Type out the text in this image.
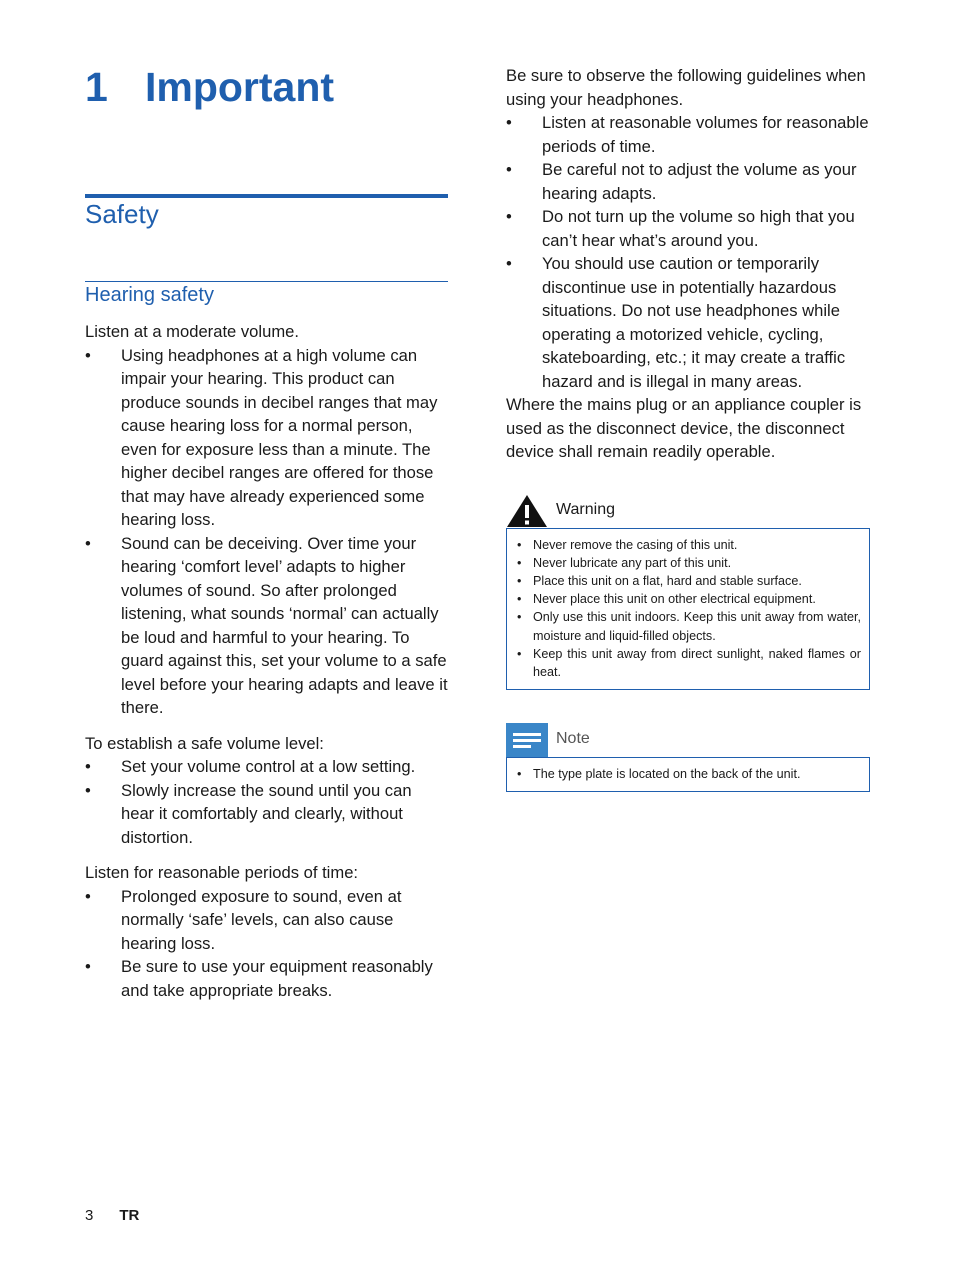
1 Important
Safety
Hearing safety

Listen at a moderate volume.

• Using headphones at a high volume can impair your hearing. This product can produce sounds in decibel ranges that may cause hearing loss for a normal person, even for exposure less than a minute. The higher decibel ranges are offered for those that may have already experienced some hearing loss.
• Sound can be deceiving. Over time your hearing ‘comfort level’ adapts to higher volumes of sound. So after prolonged listening, what sounds ‘normal’ can actually be loud and harmful to your hearing. To guard against this, set your volume to a safe level before your hearing adapts and leave it there.

To establish a safe volume level:

• Set your volume control at a low setting.
• Slowly increase the sound until you can hear it comfortably and clearly, without distortion.

Listen for reasonable periods of time:

• Prolonged exposure to sound, even at normally ‘safe’ levels, can also cause hearing loss.
• Be sure to use your equipment reasonably and take appropriate breaks.

Be sure to observe the following guidelines when using your headphones.

• Listen at reasonable volumes for reasonable periods of time.
• Be careful not to adjust the volume as your hearing adapts.
• Do not turn up the volume so high that you can’t hear what’s around you.
• You should use caution or temporarily discontinue use in potentially hazardous situations. Do not use headphones while operating a motorized vehicle, cycling, skateboarding, etc.; it may create a traffic hazard and is illegal in many areas.

Where the mains plug or an appliance coupler is used as the disconnect device, the disconnect device shall remain readily operable.

Warning
• Never remove the casing of this unit.
• Never lubricate any part of this unit.
• Place this unit on a flat, hard and stable surface.
• Never place this unit on other electrical equipment.
• Only use this unit indoors. Keep this unit away from water, moisture and liquid-filled objects.
• Keep this unit away from direct sunlight, naked flames or heat.
Note
• The type plate is located on the back of the unit.
3 TR
